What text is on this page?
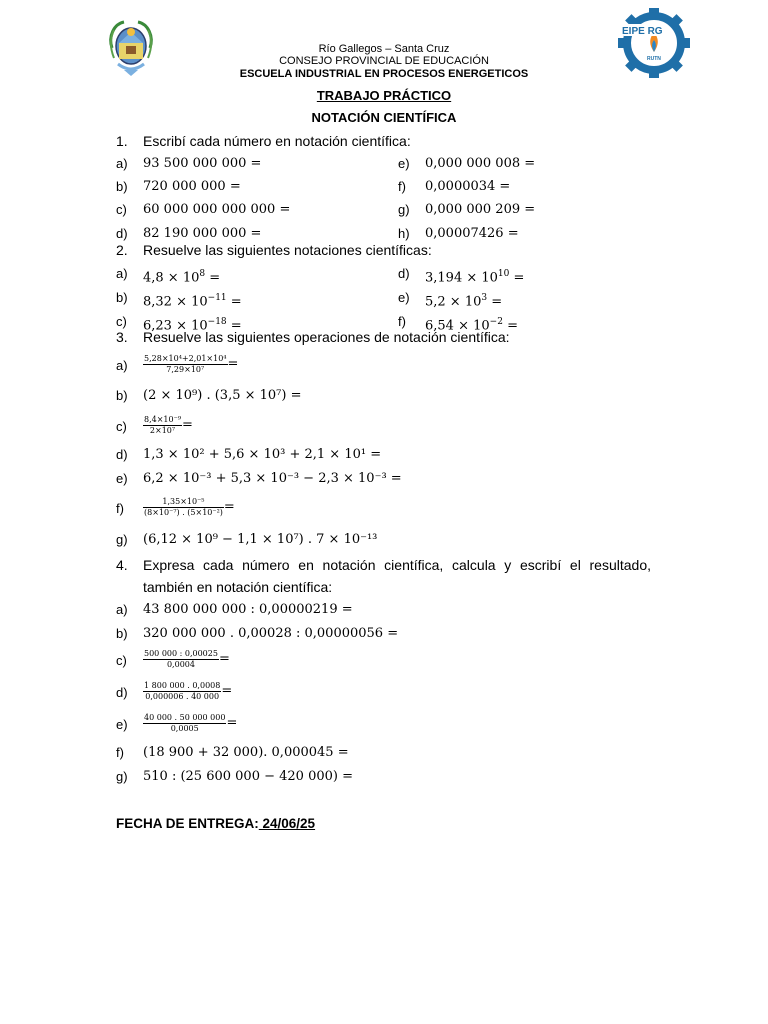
EIPE RG
RUTN
Río Gallegos – Santa Cruz
CONSEJO PROVINCIAL DE EDUCACIÓN
ESCUELA INDUSTRIAL EN PROCESOS ENERGETICOS
TRABAJO PRÁCTICO
NOTACIÓN CIENTÍFICA
1. Escribí cada número en notación científica:
a) 93 500 000 000 =	e) 0,000 000 008 =
b) 720 000 000 =	f) 0,0000034 =
c) 60 000 000 000 000 =	g) 0,000 000 209 =
d) 82 190 000 000 =	h) 0,00007426 =
2. Resuelve las siguientes notaciones científicas:
a) $4,8 \times 10^8$ =	d) $3,194 \times 10^{10}$ =
b) $8,32 \times 10^{-11}$ =	e) $5,2 \times 10^3$ =
c) $6,23 \times 10^{-18}$ =	f) $6,54 \times 10^{-2}$ =
3. Resuelve las siguientes operaciones de notación científica:
$a) \frac{\text{5,28×10⁴+2,01×10⁴}}{\text{7,29×10⁷}}$ =
b) (2 × 10⁹) . (3,5 × 10⁷) =
$c) \frac{\text{8,4×10⁻⁹}}{\text{2×10⁷}}$ =
d) 1,3 × 10² + 5,6 × 10³ + 2,1 × 10¹ =
e) 6,2 × 10⁻³ + 5,3 × 10⁻³ − 2,3 × 10⁻³ =
$f) \frac{\text{1,35×10⁻⁵}}{\text{(8×10⁻⁷) . (5×10⁻²)}}$ =
g) (6,12 × 10⁹ − 1,1 × 10⁷) . 7 × 10⁻¹³
4. Expresa cada número en notación científica, calcula y escribí el resultado, también en notación científica:
a) 43 800 000 000 : 0,00000219 =
b) 320 000 000 . 0,00028 : 0,00000056 =
$c) \frac{500 000 : 0,00025}{0,0004}$ =
$d) \frac{1 800 000 . 0,0008}{0,000006 . 40 000}$ =
$e) \frac{40 000 . 50 000 000}{0,0005}$ =
f) (18 900 + 32 000). 0,000045 =
g) 510 : (25 600 000 − 420 000) =
FECHA DE ENTREGA: 24/06/25
